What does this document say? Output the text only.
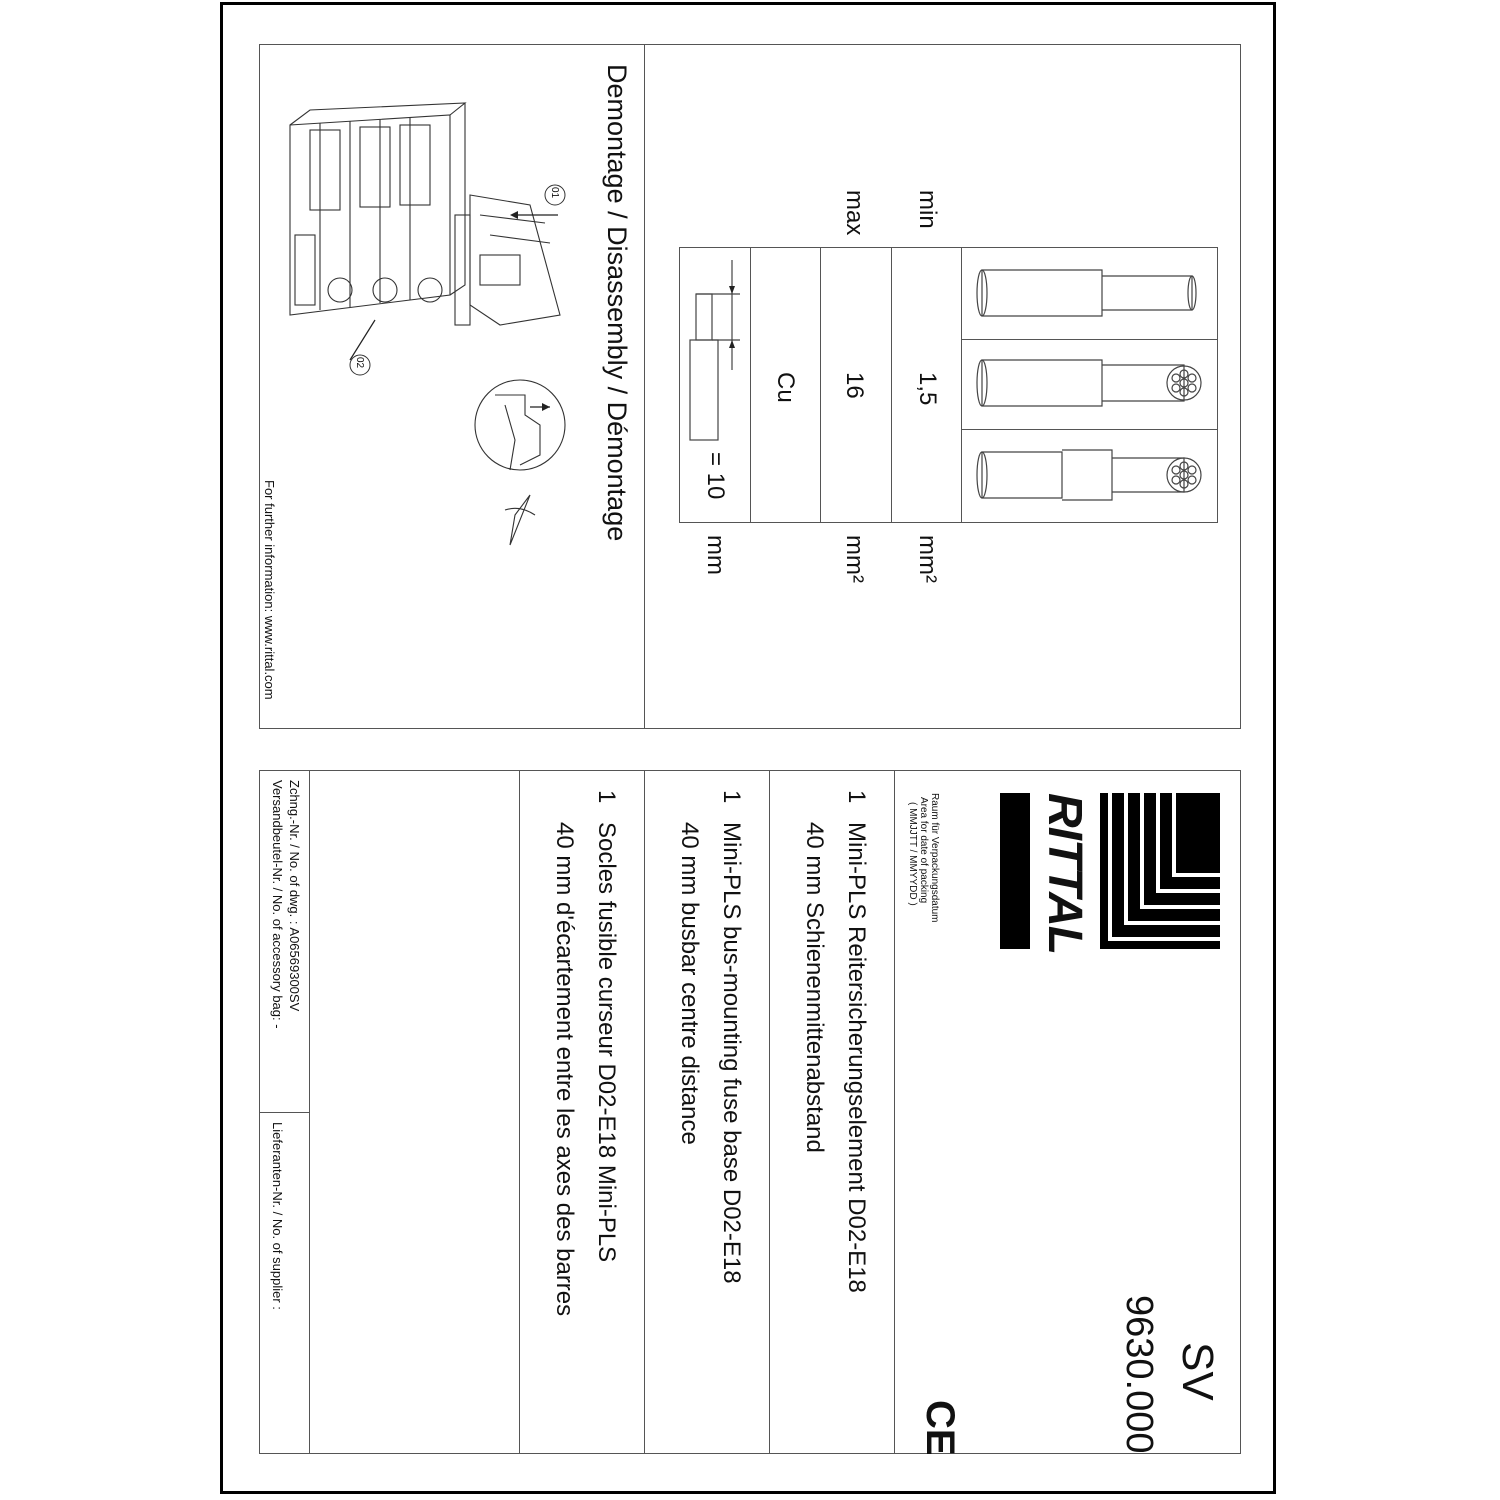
min
max
1,5
16
Cu
= 10
mm²
mm²
mm
Demontage / Disassembly / Démontage
For further information: www.rittal.com
01
02
RITTAL
Raum für Verpackungsdatum
Area for date of packing
( MMJJTT / MMYYDD )
SV
9630.000
CE
1
Mini-PLS Reitersicherungselement D02-E18
40 mm Schienenmittenabstand
1
Mini-PLS bus-mounting fuse base D02-E18
40 mm busbar centre distance
1
Socles fusible curseur D02-E18 Mini-PLS
40 mm d'écartement entre les axes des barres
Zchng.-Nr. / No. of dwg. : A06569300SV
Versandbeutel-Nr. / No. of accessory bag: -
Lieferanten-Nr. / No. of supplier :
